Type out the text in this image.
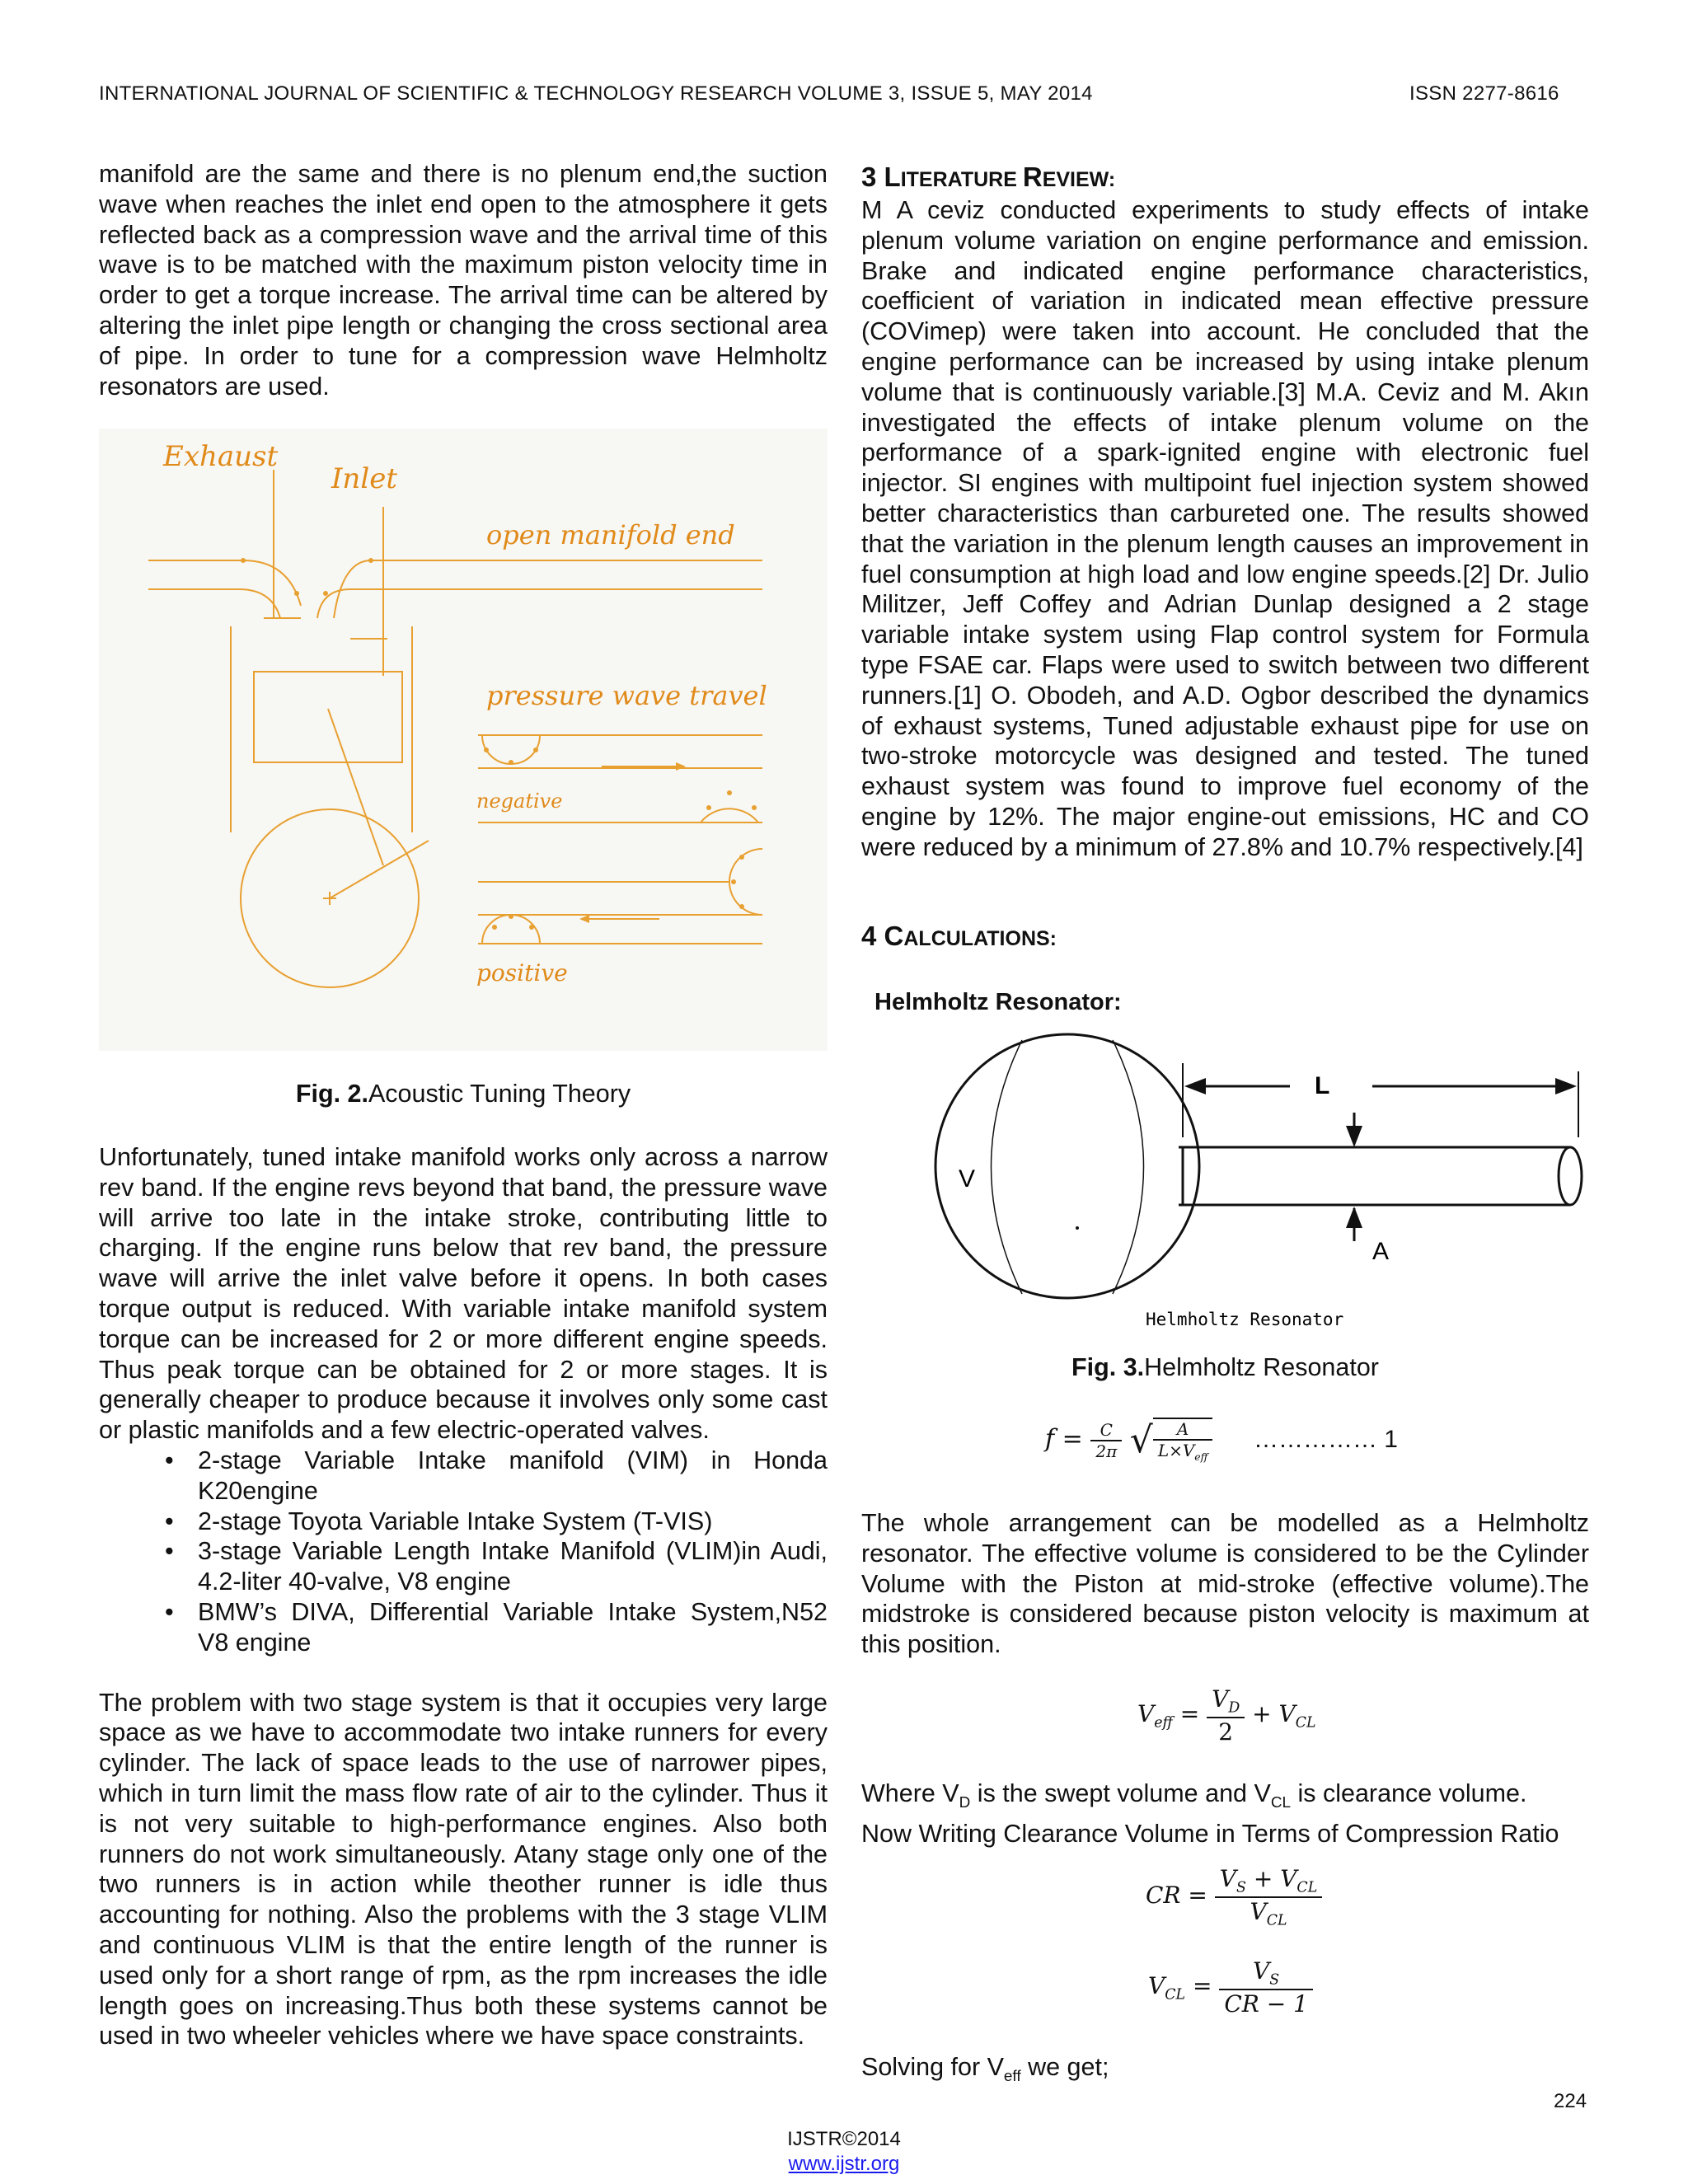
INTERNATIONAL JOURNAL OF SCIENTIFIC & TECHNOLOGY RESEARCH VOLUME 3, ISSUE 5, MAY 2014	ISSN 2277-8616

manifold are the same and there is no plenum end,the suction wave when reaches the inlet end open to the atmosphere it gets reflected back as a compression wave and the arrival time of this wave is to be matched with the maximum piston velocity time in order to get a torque increase. The arrival time can be altered by altering the inlet pipe length or changing the cross sectional area of pipe. In order to tune for a compression wave Helmholtz resonators are used.

Exhaust
Inlet
open manifold end
pressure wave travel
negative
positive
Fig. 2.Acoustic Tuning Theory

Unfortunately, tuned intake manifold works only across a narrow rev band. If the engine revs beyond that band, the pressure wave will arrive too late in the intake stroke, contributing little to charging. If the engine runs below that rev band, the pressure wave will arrive the inlet valve before it opens. In both cases torque output is reduced. With variable intake manifold system torque can be increased for 2 or more different engine speeds. Thus peak torque can be obtained for 2 or more stages. It is generally cheaper to produce because it involves only some cast or plastic manifolds and a few electric-operated valves.

• 2-stage Variable Intake manifold (VIM) in Honda K20engine
• 2-stage Toyota Variable Intake System (T-VIS)
• 3-stage Variable Length Intake Manifold (VLIM)in Audi, 4.2-liter 40-valve, V8 engine
• BMW’s DIVA, Differential Variable Intake System,N52 V8 engine

The problem with two stage system is that it occupies very large space as we have to accommodate two intake runners for every cylinder. The lack of space leads to the use of narrower pipes, which in turn limit the mass flow rate of air to the cylinder. Thus it is not very suitable to high-performance engines. Also both runners do not work simultaneously. Atany stage only one of the two runners is in action while theother runner is idle thus accounting for nothing. Also the problems with the 3 stage VLIM and continuous VLIM is that the entire length of the runner is used only for a short range of rpm, as the rpm increases the idle length goes on increasing.Thus both these systems cannot be used in two wheeler vehicles where we have space constraints.

3 LITERATURE REVIEW:

M A ceviz conducted experiments to study effects of intake plenum volume variation on engine performance and emission. Brake and indicated engine performance characteristics, coefficient of variation in indicated mean effective pressure (COVimep) were taken into account. He concluded that the engine performance can be increased by using intake plenum volume that is continuously variable.[3] M.A. Ceviz and M. Akın investigated the effects of intake plenum volume on the performance of a spark-ignited engine with electronic fuel injector. SI engines with multipoint fuel injection system showed better characteristics than carbureted one. The results showed that the variation in the plenum length causes an improvement in fuel consumption at high load and low engine speeds.[2] Dr. Julio Militzer, Jeff Coffey and Adrian Dunlap designed a 2 stage variable intake system using Flap control system for Formula type FSAE car. Flaps were used to switch between two different runners.[1] O. Obodeh, and A.D. Ogbor described the dynamics of exhaust systems, Tuned adjustable exhaust pipe for use on two-stroke motorcycle was designed and tested. The tuned exhaust system was found to improve fuel economy of the engine by 12%. The major engine-out emissions, HC and CO were reduced by a minimum of 27.8% and 10.7% respectively.[4]

4 CALCULATIONS:
Helmholtz Resonator:
L
V
A
Helmholtz Resonator
Fig. 3.Helmholtz Resonator
$f = \frac{C}{2\pi}$ √ $\frac{A}{L\times V_{eff}}$ …………… 1

The whole arrangement can be modelled as a Helmholtz resonator. The effective volume is considered to be the Cylinder Volume with the Piston at mid-stroke (effective volume).The midstroke is considered because piston velocity is maximum at this position.

$V_{eff} = \frac{V_D}{2} + V_{CL}$

Where $V_D$ is the swept volume and $V_{CL}$ is clearance volume.

Now Writing Clearance Volume in Terms of Compression Ratio

CR = $\frac{V_S + V_{CL}}{V_{CL}}$
$V_{CL} = \frac{V_S}{CR - 1}$

Solving for $V_{eff}$ we get;

224
IJSTR©2014
www.ijstr.org
